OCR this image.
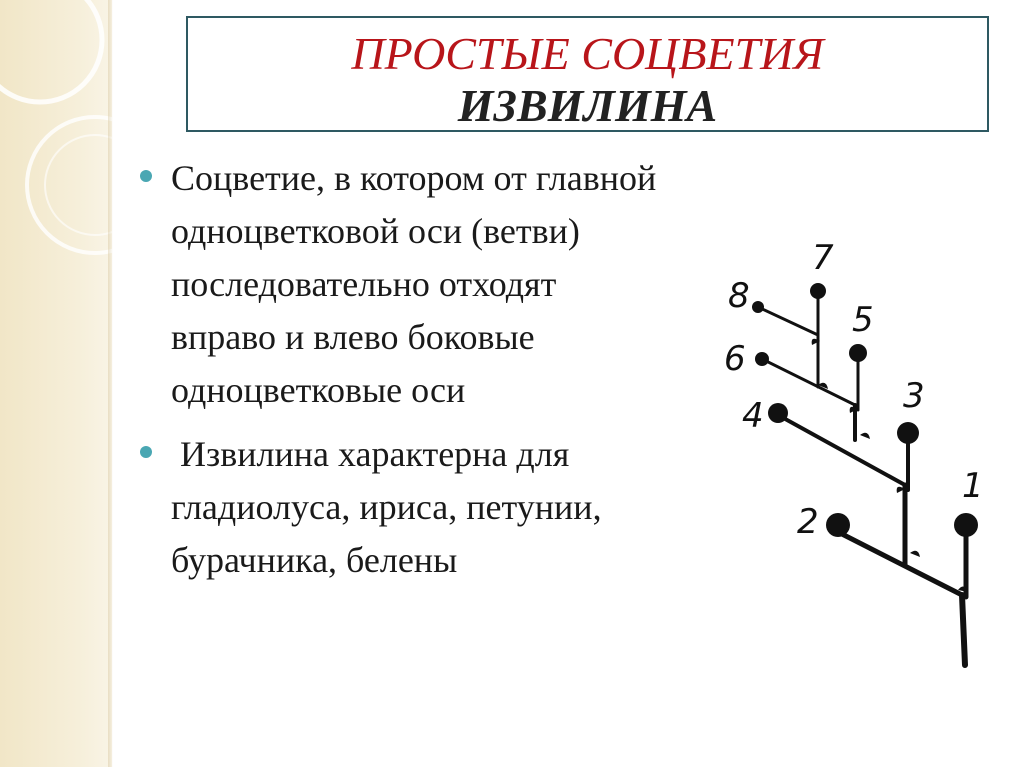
ПРОСТЫЕ СОЦВЕТИЯ
ИЗВИЛИНА
Соцветие, в котором от главной одноцветковой оси (ветви) последовательно отходят вправо и влево боковые одноцветковые оси
Извилина характерна для гладиолуса, ириса, петунии, бурачника, белены
1
2
3
4
5
6
7
8
